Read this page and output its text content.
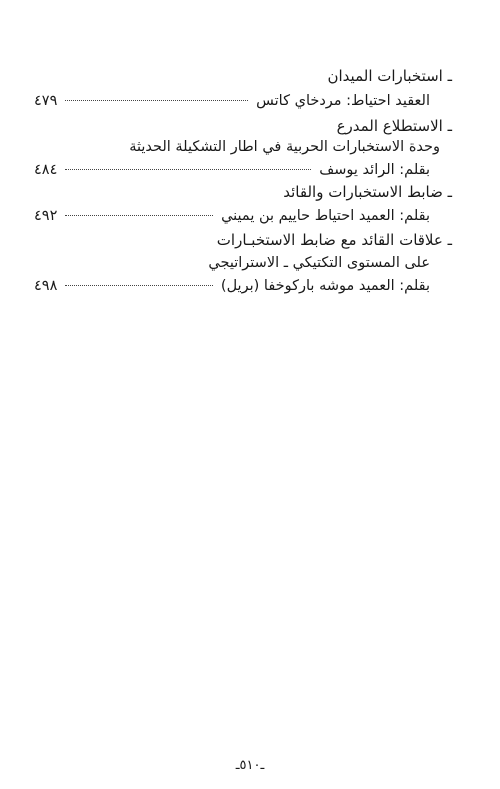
ـ استخبارات الميدان
العقيد احتياط: مردخاي كاتس
٤٧٩
ـ الاستطلاع المدرع
وحدة الاستخبارات الحربية في اطار التشكيلة الحديثة
بقلم: الرائد يوسف
٤٨٤
ـ ضابط الاستخبارات والقائد
بقلم: العميد احتياط حاييم بن يميني
٤٩٢
ـ علاقات القائد مع ضابط الاستخبـارات
على المستوى التكتيكي ـ الاستراتيجي
بقلم: العميد موشه باركوخفا (بريل)
٤٩٨
ـ٥١٠ـ
